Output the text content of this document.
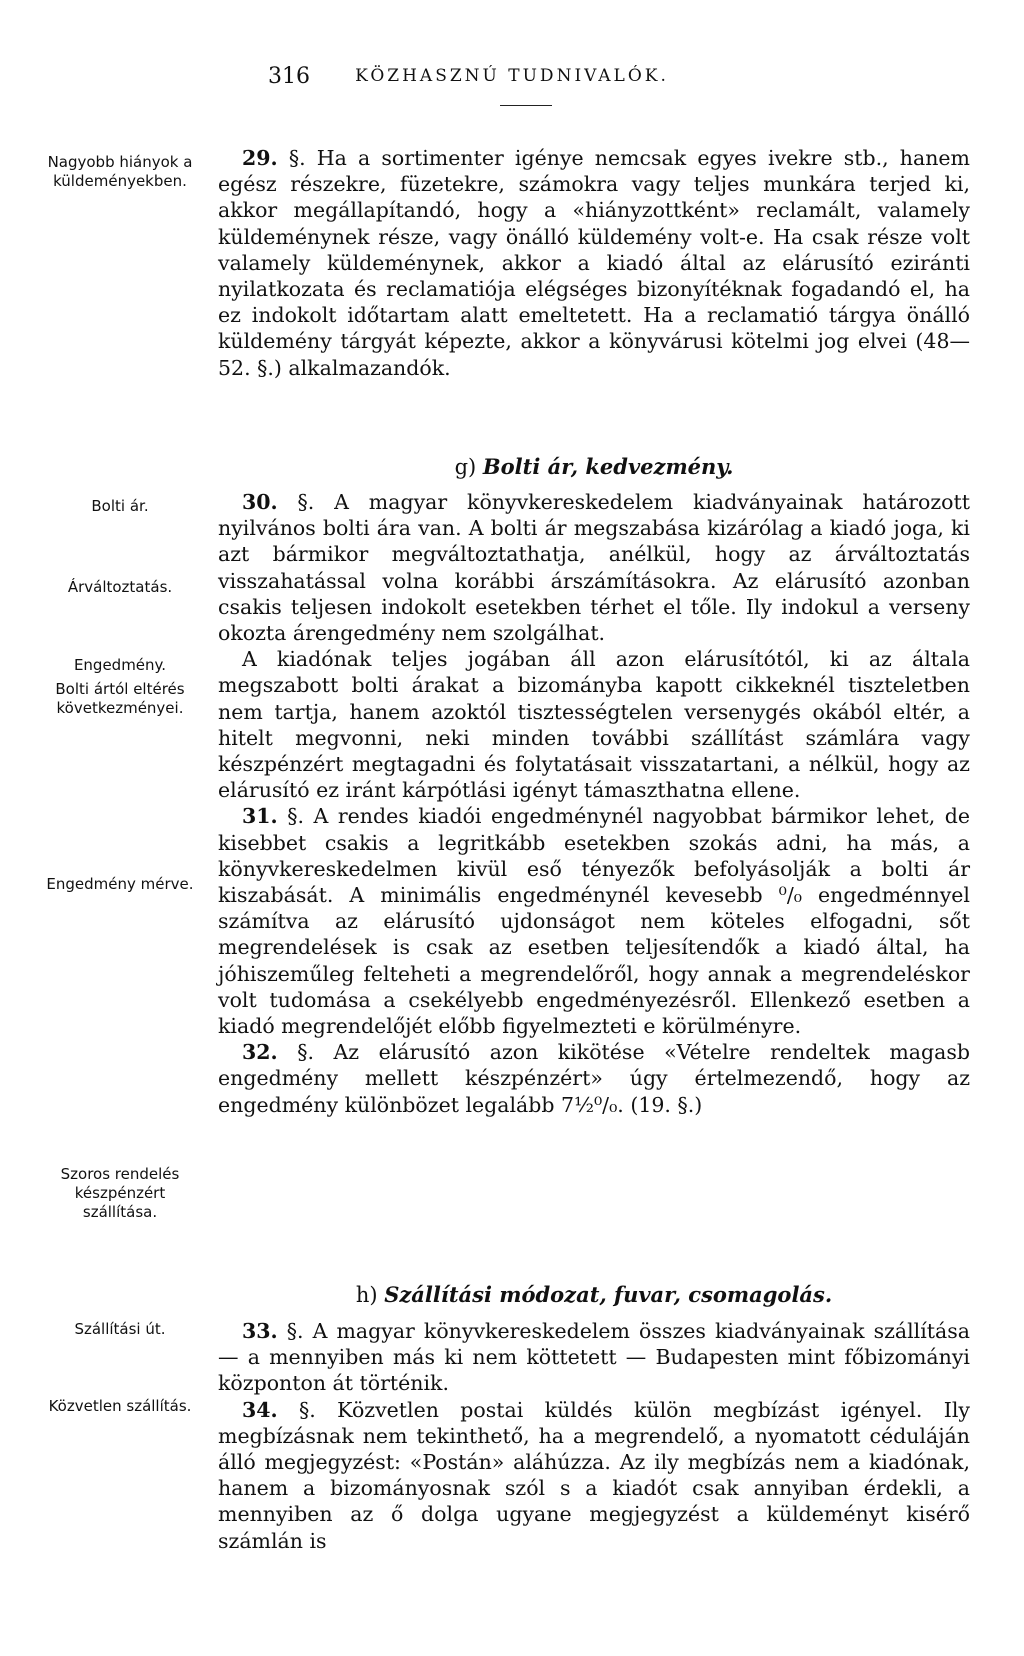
316	KÖZHASZNÚ TUDNIVALÓK.
Nagyobb hiányok a küldeményekben.
Bolti ár.
Árváltoztatás.
Engedmény.
Bolti ártól eltérés következményei.
Engedmény mérve.
Szoros rendelés készpénzért szállítása.
Szállítási út.
Közvetlen szállítás.

29. §. Ha a sortimenter igénye nemcsak egyes ivekre stb., hanem egész részekre, füzetekre, számokra vagy teljes munkára terjed ki, akkor megállapítandó, hogy a «hiányzottként» reclamált, valamely küldeménynek része, vagy önálló küldemény volt-e. Ha csak része volt valamely küldeménynek, akkor a kiadó által az elárusító eziránti nyilatkozata és reclamatiója elégséges bizonyítéknak fogadandó el, ha ez indokolt időtartam alatt emeltetett. Ha a reclamatió tárgya önálló küldemény tárgyát képezte, akkor a könyvárusi kötelmi jog elvei (48—52. §.) alkalmazandók.

g) Bolti ár, kedvezmény.

30. §. A magyar könyvkereskedelem kiadványainak határozott nyilvános bolti ára van. A bolti ár megszabása kizárólag a kiadó joga, ki azt bármikor megváltoztathatja, anélkül, hogy az árváltoztatás visszahatással volna korábbi árszámításokra. Az elárusító azonban csakis teljesen indokolt esetekben térhet el tőle. Ily indokul a verseny okozta árengedmény nem szolgálhat.

A kiadónak teljes jogában áll azon elárusítótól, ki az általa megszabott bolti árakat a bizományba kapott cikkeknél tiszteletben nem tartja, hanem azoktól tisztességtelen versenygés okából eltér, a hitelt megvonni, neki minden további szállítást számlára vagy készpénzért megtagadni és folytatásait visszatartani, a nélkül, hogy az elárusító ez iránt kárpótlási igényt támaszthatna ellene.

31. §. A rendes kiadói engedménynél nagyobbat bármikor lehet, de kisebbet csakis a legritkább esetekben szokás adni, ha más, a könyvkereskedelmen kivül eső tényezők befolyásolják a bolti ár kiszabását. A minimális engedménynél kevesebb ⁰/₀ engedménnyel számítva az elárusító ujdonságot nem köteles elfogadni, sőt megrendelések is csak az esetben teljesítendők a kiadó által, ha jóhiszeműleg felteheti a megrendelőről, hogy annak a megrendeléskor volt tudomása a csekélyebb engedményezésről. Ellenkező esetben a kiadó megrendelőjét előbb figyelmezteti e körülményre.

32. §. Az elárusító azon kikötése «Vételre rendeltek magasb engedmény mellett készpénzért» úgy értelmezendő, hogy az engedmény különbözet legalább 7½⁰/₀. (19. §.)

h) Szállítási módozat, fuvar, csomagolás.

33. §. A magyar könyvkereskedelem összes kiadványainak szállítása — a mennyiben más ki nem köttetett — Budapesten mint főbizományi központon át történik.

34. §. Közvetlen postai küldés külön megbízást igényel. Ily megbízásnak nem tekinthető, ha a megrendelő, a nyomatott céduláján álló megjegyzést: «Postán» aláhúzza. Az ily megbízás nem a kiadónak, hanem a bizományosnak szól s a kiadót csak annyiban érdekli, a mennyiben az ő dolga ugyane megjegyzést a küldeményt kisérő számlán is
